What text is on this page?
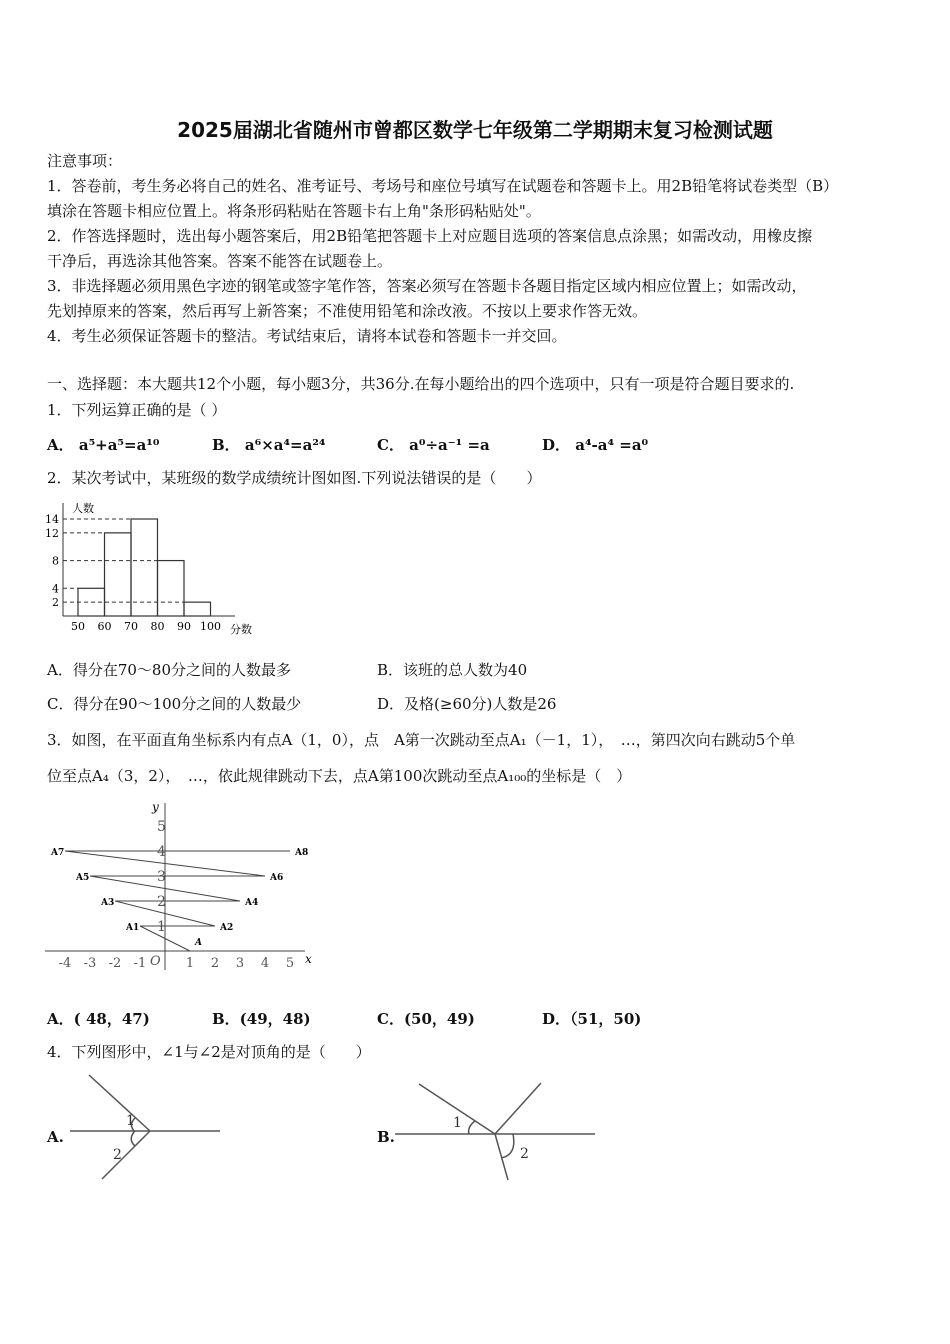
2025届湖北省随州市曾都区数学七年级第二学期期末复习检测试题
注意事项：
1．答卷前，考生务必将自己的姓名、准考证号、考场号和座位号填写在试题卷和答题卡上。用2B铅笔将试卷类型（B）
填涂在答题卡相应位置上。将条形码粘贴在答题卡右上角"条形码粘贴处"。
2．作答选择题时，选出每小题答案后，用2B铅笔把答题卡上对应题目选项的答案信息点涂黑；如需改动，用橡皮擦
干净后，再选涂其他答案。答案不能答在试题卷上。
3．非选择题必须用黑色字迹的钢笔或签字笔作答，答案必须写在答题卡各题目指定区域内相应位置上；如需改动，
先划掉原来的答案，然后再写上新答案；不准使用铅笔和涂改液。不按以上要求作答无效。
4．考生必须保证答题卡的整洁。考试结束后，请将本试卷和答题卡一并交回。
一、选择题：本大题共12个小题，每小题3分，共36分.在每小题给出的四个选项中，只有一项是符合题目要求的.
1．下列运算正确的是（ ）
A． a⁵+a⁵=a¹⁰	B． a⁶×a⁴=a²⁴	C． a⁰÷a⁻¹ =a	D． a⁴-a⁴ =a⁰
2．某次考试中，某班级的数学成绩统计图如图.下列说法错误的是（　　）
人数
分数
2
4
8
12
14
50 60 70 80 90 100
A．得分在70～80分之间的人数最多	B．该班的总人数为40
C．得分在90～100分之间的人数最少	D．及格(≥60分)人数是26
3．如图，在平面直角坐标系内有点A（1，0），点　A第一次跳动至点A₁（－1，1），　…，第四次向右跳动5个单
位至点A₄（3，2），　…，依此规律跳动下去，点A第100次跳动至点A₁₀₀的坐标是（　）
x
y
O
-4 -3 -2 -1	1 2 3 4 5
1
2
3
4
5
A
A1	A2
A3	A4
A5	A6
A7	A8
A．( 48，47)	B．(49，48)	C．(50，49)	D．（51，50)
4．下列图形中，∠1与∠2是对顶角的是（　　）
A.
1
2
B.
1
2
